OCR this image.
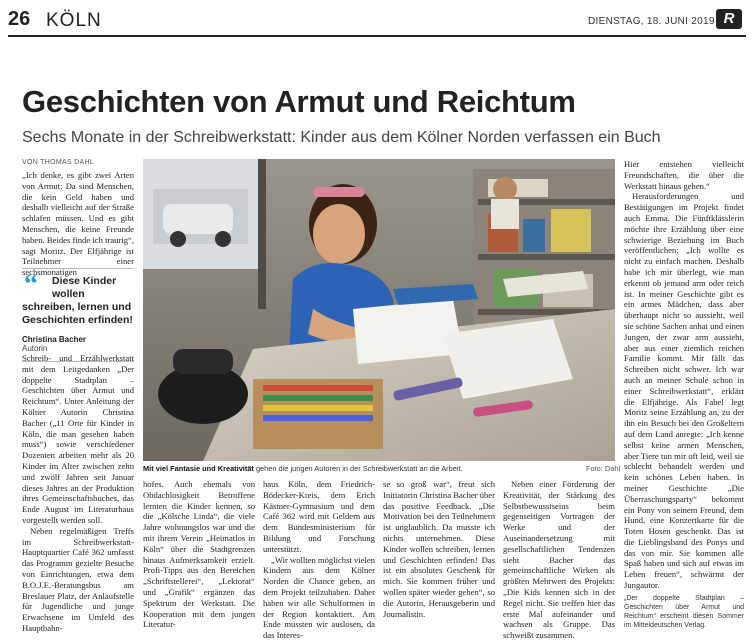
26 KÖLN	DIENSTAG, 18. JUNI 2019 R
Geschichten von Armut und Reichtum
Sechs Monate in der Schreibwerkstatt: Kinder aus dem Kölner Norden verfassen ein Buch
VON THOMAS DAHL

„Ich denke, es gibt zwei Arten von Armut: Da sind Menschen, die kein Geld haben und deshalb vielleicht auf der Straße schlafen müssen. Und es gibt Menschen, die keine Freunde haben. Beides finde ich traurig“, sagt Moritz. Der Elfjährige ist Teilnehmer einer sechsmonatigen

“ Diese Kinder wollen
schreiben, lernen und Geschichten erfinden!
Christina Bacher
Autorin

Schreib- und Erzählwerkstatt mit dem Leitgedanken „Der doppelte Stadtplan – Geschichten über Armut und Reichtum“. Unter Anleitung der Kölner Autorin Christina Bacher („11 Orte für Kinder in Köln, die man gesehen haben muss“) sowie verschiedener Dozenten arbeiten mehr als 20 Kinder im Alter zwischen zehn und zwölf Jahren seit Januar dieses Jahres an der Produktion ihres Gemeinschaftsbuches, das Ende August im Literaturhaus vorgestellt werden soll.

Neben regelmäßigen Treffs im Schreibwerkstatt-Hauptquartier Café 362 umfasst das Programm gezielte Besuche von Einrichtungen, etwa dem B.O.J.E.-Beratungsbus am Breslauer Platz, der Anlaufstelle für Jugendliche und junge Erwachsene im Umfeld des Hauptbahn-

Mit viel Fantasie und Kreativität gehen die jungen Autoren in der Schreibwerkstatt an die Arbeit.	Foto: Dahl

hofes. Auch ehemals von Obdachlosigkeit Betroffene lernten die Kinder kennen, so die „Kölsche Linda“, die viele Jahre wohnungslos war und die mit ihrem Verein „Heimatlos in Köln“ über die Stadtgrenzen hinaus Aufmerksamkeit erzielt. Profi-Tipps aus den Bereichen „Schriftstellerei“, „Lektorat“ und „Grafik“ ergänzen das Spektrum der Werkstatt. Die Kooperation mit dem jungen Literatur-

haus Köln, dem Friedrich-Bödecker-Kreis, dem Erich Kästner-Gymnasium und dem Café 362 wird mit Geldern aus dem Bundesministerium für Bildung und Forschung unterstützt.

„Wir wollten möglichst vielen Kindern aus dem Kölner Norden die Chance geben, an dem Projekt teilzuhaben. Daher haben wir alle Schulformen in der Region kontaktiert. Am Ende mussten wir auslosen, da das Interes-

se so groß war“, freut sich Initiatorin Christina Bacher über das positive Feedback. „Die Motivation bei den Teilnehmern ist unglaublich. Da musste ich nichts unternehmen. Diese Kinder wollen schreiben, lernen und Geschichten erfinden! Das ist ein absolutes Geschenk für mich. Sie kommen früher und wollen später wieder gehen“, so die Autorin, Herausgeberin und Journalistin.

Neben einer Förderung der Kreativität, der Stärkung des Selbstbewusstseins beim gegenseitigen Vortragen der Werke und der Auseinandersetzung mit gesellschaftlichen Tendenzen sieht Bacher das gemeinschaftliche Wirken als größten Mehrwert des Projekts: „Die Kids kennen sich in der Regel nicht. Sie treffen hier das erste Mal aufeinander und wachsen als Gruppe. Das schweißt zusammen.

Hier entstehen vielleicht Freundschaften, die über die Werkstatt hinaus gehen.“

Herausforderungen und Bestätigungen im Projekt findet auch Emma. Die Fünftklässlerin möchte ihre Erzählung über eine schwierige Beziehung im Buch veröffentlichen: „Ich wollte es nicht zu einfach machen. Deshalb habe ich mir überlegt, wie man erkennt ob jemand arm oder reich ist. In meiner Geschichte gibt es ein armes Mädchen, dass aber überhaupt nicht so aussieht, weil sie schöne Sachen anhat und einen Jungen, der zwar arm aussieht, aber aus einer ziemlich reichen Familie kommt. Mir fällt das Schreiben nicht schwer. Ich war auch an meiner Schule schon in einer Schreibwerkstatt“, erklärt die Elfjährige. Als Fabel legt Moritz seine Erzählung an, zu der ihn ein Besuch bei den Großeltern auf dem Land anregte: „Ich kenne selbst keine armen Menschen, aber Tiere tun mir oft leid, weil sie schlecht behandelt werden und kein schönes Leben haben. In meiner Geschichte „Die Überraschungsparty“ bekommt ein Pony von seinem Freund, dem Hund, eine Konzertkarte für die Toten Hosen geschenkt. Das ist die Lieblingsband des Ponys und das von mir. Sie kommen alle Spaß haben und sich auf etwas im Leben freuen“, schwärmt der Jungautor.

„Der doppelte Stadtplan – Geschichten über Armut und Reichtum“ erscheint diesen Sommer im Mitteldeutschen Verlag.
